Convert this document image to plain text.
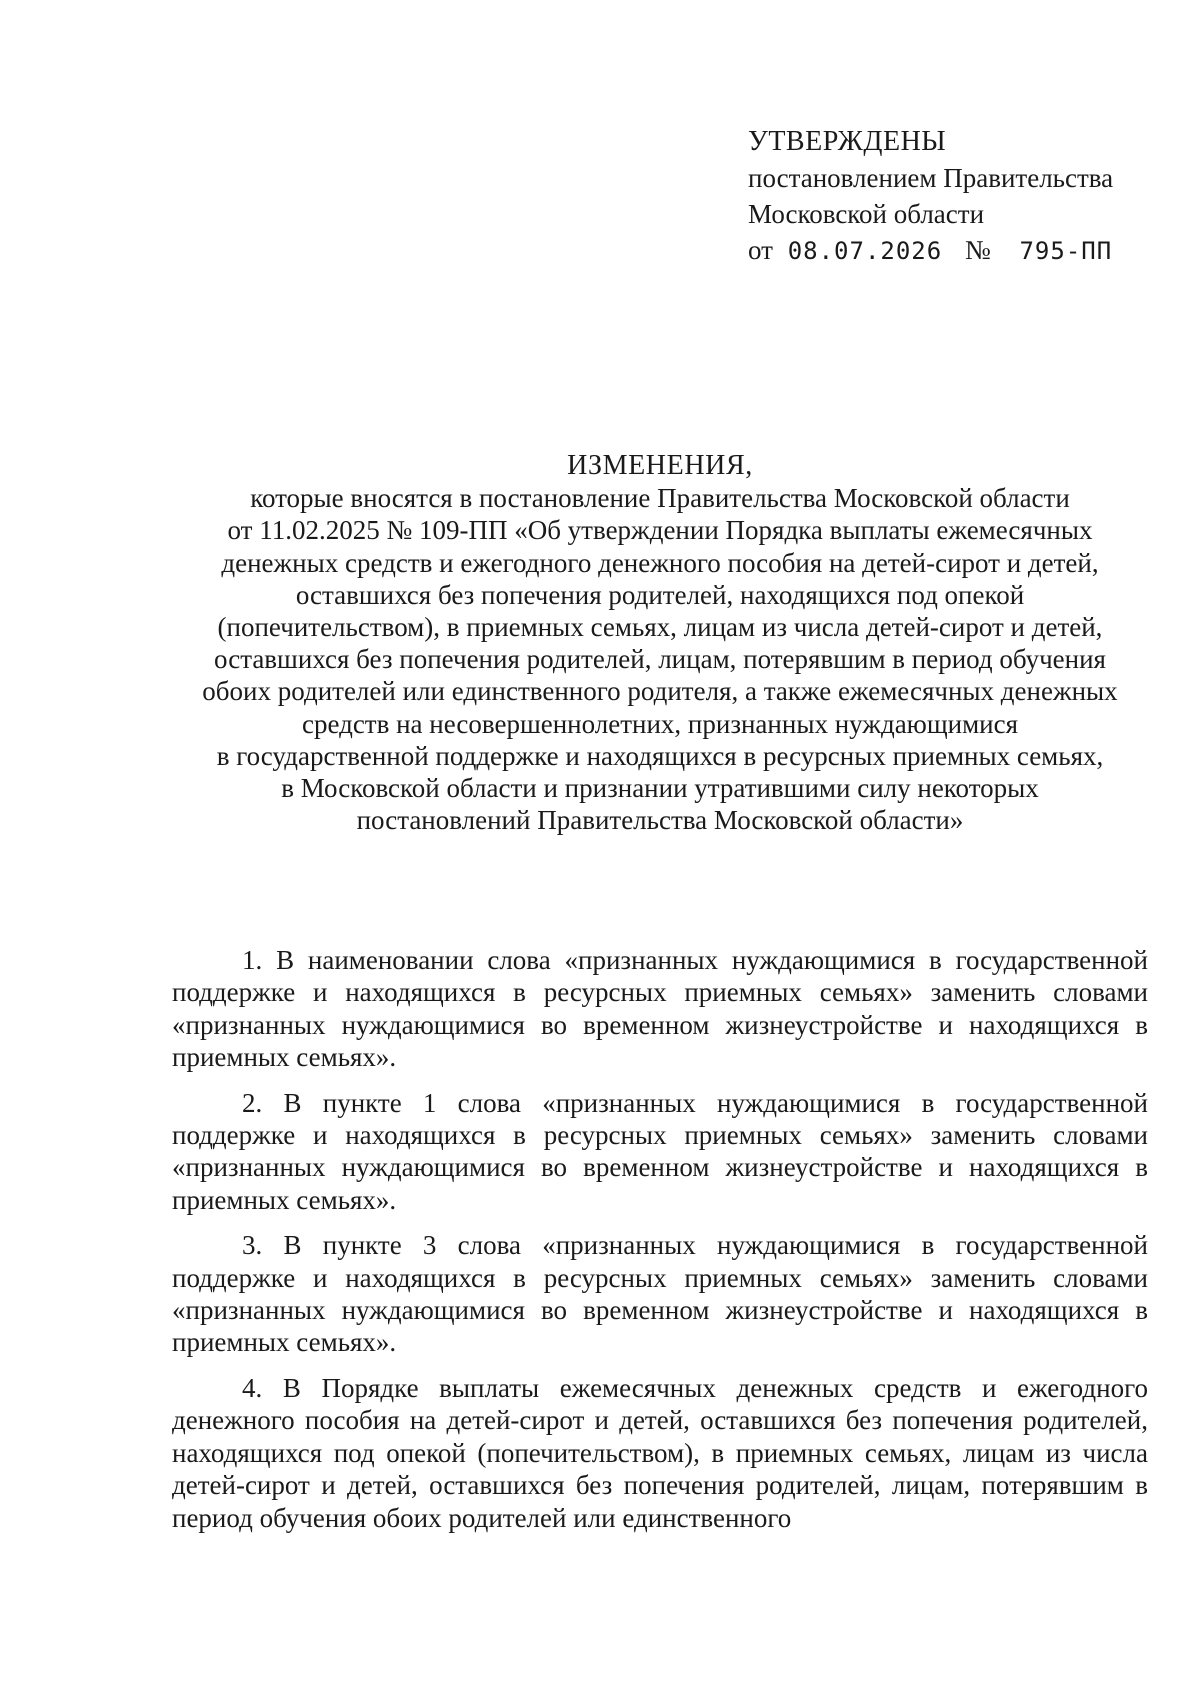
УТВЕРЖДЕНЫ
постановлением Правительства
Московской области
от 08.07.2026 № 795-ПП
ИЗМЕНЕНИЯ,
которые вносятся в постановление Правительства Московской области
от 11.02.2025 № 109-ПП «Об утверждении Порядка выплаты ежемесячных
денежных средств и ежегодного денежного пособия на детей-сирот и детей,
оставшихся без попечения родителей, находящихся под опекой
(попечительством), в приемных семьях, лицам из числа детей-сирот и детей,
оставшихся без попечения родителей, лицам, потерявшим в период обучения
обоих родителей или единственного родителя, а также ежемесячных денежных
средств на несовершеннолетних, признанных нуждающимися
в государственной поддержке и находящихся в ресурсных приемных семьях,
в Московской области и признании утратившими силу некоторых
постановлений Правительства Московской области»

1. В наименовании слова «признанных нуждающимися в государственной поддержке и находящихся в ресурсных приемных семьях» заменить словами «признанных нуждающимися во временном жизнеустройстве и находящихся в приемных семьях».

2. В пункте 1 слова «признанных нуждающимися в государственной поддержке и находящихся в ресурсных приемных семьях» заменить словами «признанных нуждающимися во временном жизнеустройстве и находящихся в приемных семьях».

3. В пункте 3 слова «признанных нуждающимися в государственной поддержке и находящихся в ресурсных приемных семьях» заменить словами «признанных нуждающимися во временном жизнеустройстве и находящихся в приемных семьях».

4. В Порядке выплаты ежемесячных денежных средств и ежегодного денежного пособия на детей-сирот и детей, оставшихся без попечения родителей, находящихся под опекой (попечительством), в приемных семьях, лицам из числа детей-сирот и детей, оставшихся без попечения родителей, лицам, потерявшим в период обучения обоих родителей или единственного
